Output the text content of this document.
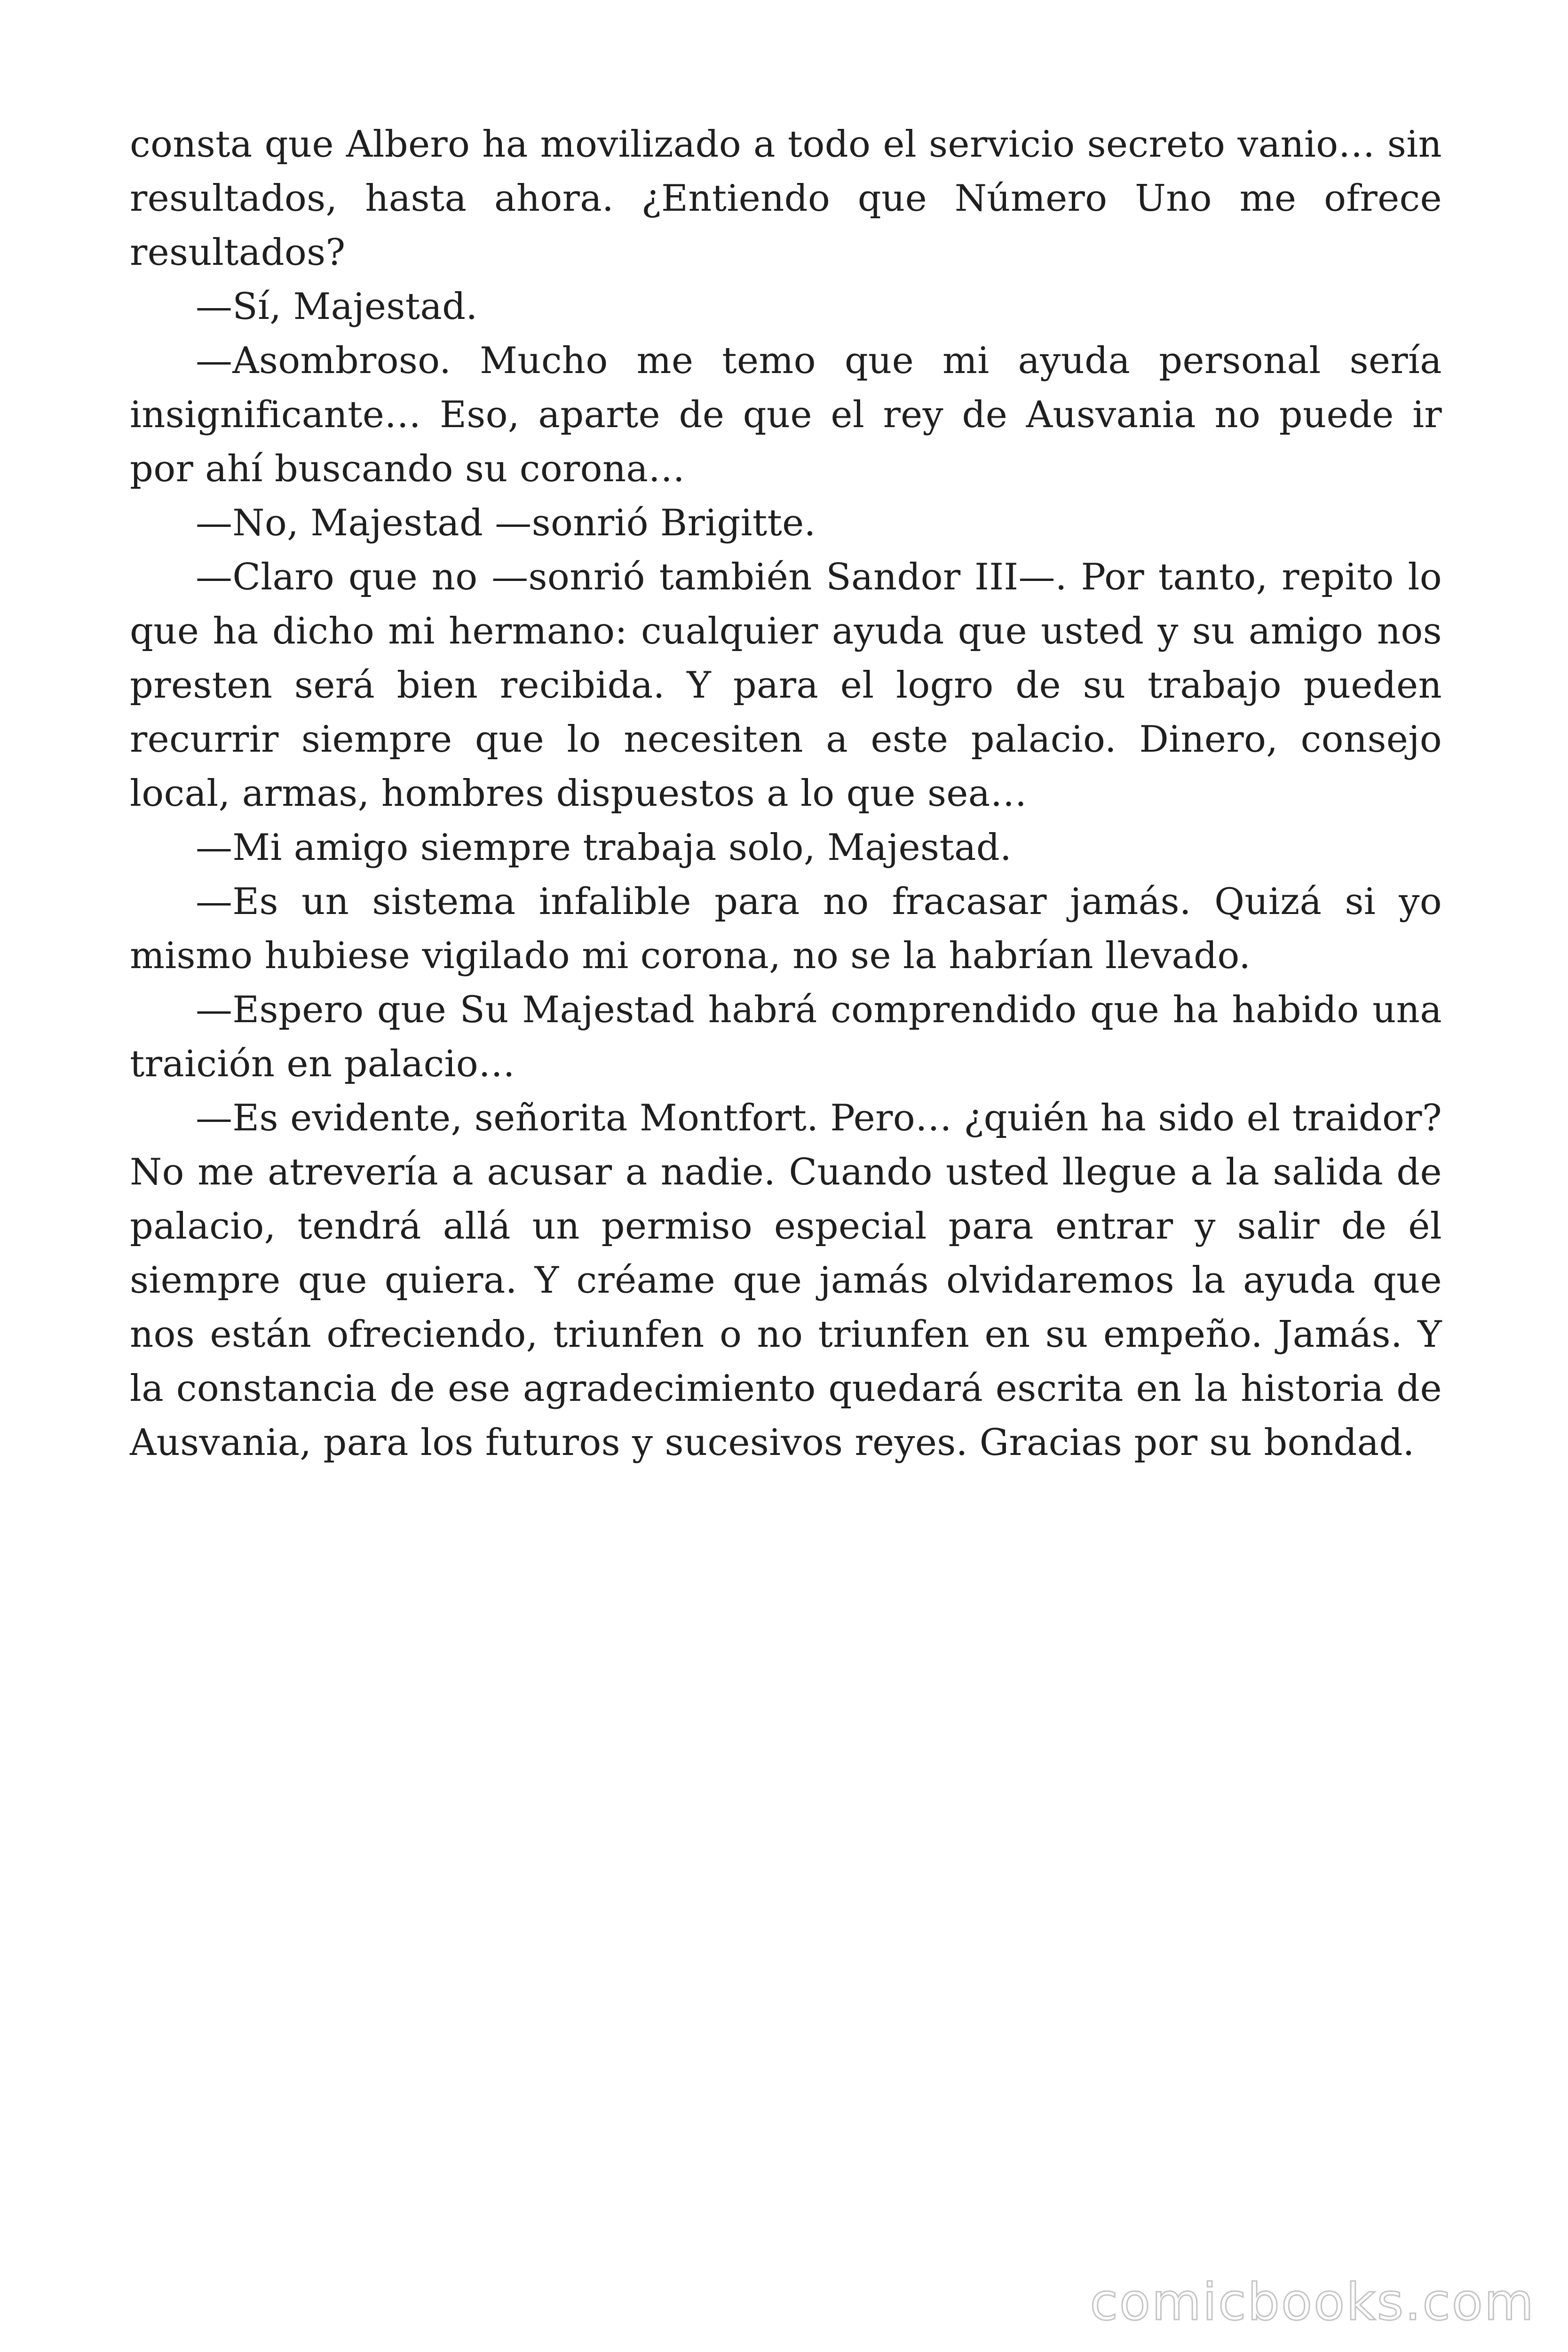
consta que Albero ha movilizado a todo el servicio secreto vanio… sin resultados, hasta ahora. ¿Entiendo que Número Uno me ofrece resultados?

—Sí, Majestad.

—Asombroso. Mucho me temo que mi ayuda personal sería insignificante… Eso, aparte de que el rey de Ausvania no puede ir por ahí buscando su corona…

—No, Majestad —sonrió Brigitte.

—Claro que no —sonrió también Sandor III—. Por tanto, repito lo que ha dicho mi hermano: cualquier ayuda que usted y su amigo nos presten será bien recibida. Y para el logro de su trabajo pueden recurrir siempre que lo necesiten a este palacio. Dinero, consejo local, armas, hombres dispuestos a lo que sea…

—Mi amigo siempre trabaja solo, Majestad.

—Es un sistema infalible para no fracasar jamás. Quizá si yo mismo hubiese vigilado mi corona, no se la habrían llevado.

—Espero que Su Majestad habrá comprendido que ha habido una traición en palacio…

—Es evidente, señorita Montfort. Pero… ¿quién ha sido el traidor? No me atrevería a acusar a nadie. Cuando usted llegue a la salida de palacio, tendrá allá un permiso especial para entrar y salir de él siempre que quiera. Y créame que jamás olvidaremos la ayuda que nos están ofreciendo, triunfen o no triunfen en su empeño. Jamás. Y la constancia de ese agradecimiento quedará escrita en la historia de Ausvania, para los futuros y sucesivos reyes. Gracias por su bondad.

comicbooks.com
